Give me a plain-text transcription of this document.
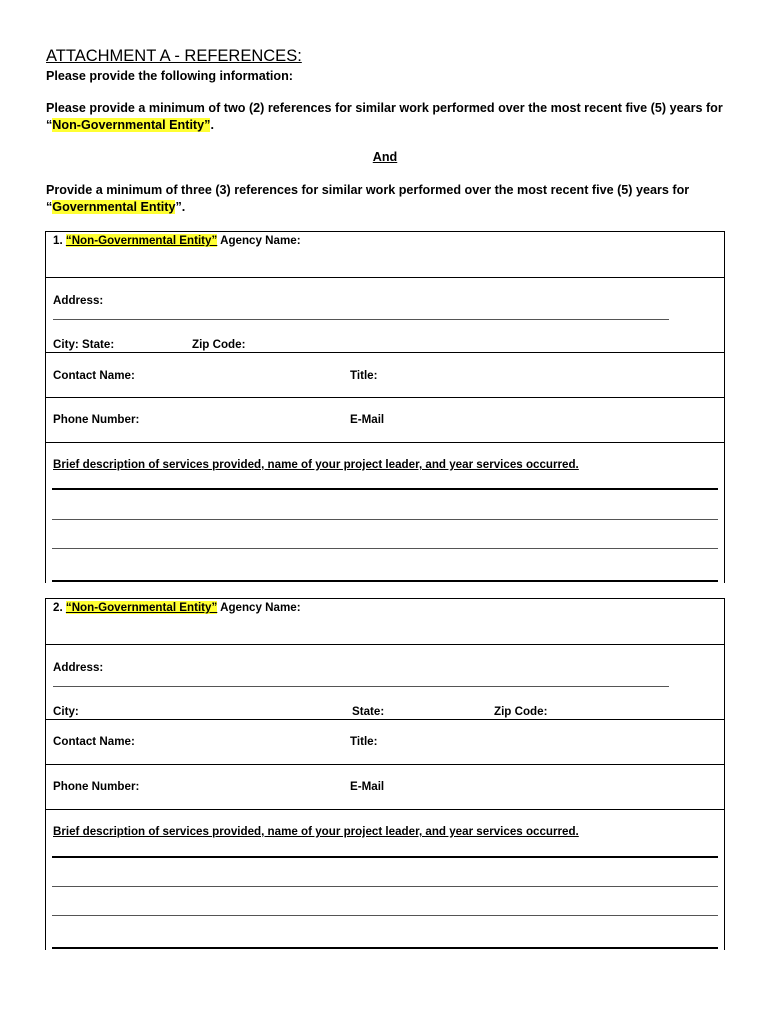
ATTACHMENT A - REFERENCES:
Please provide the following information:
Please provide a minimum of two (2) references for similar work performed over the most recent five (5) years for “Non-Governmental Entity”.
And
Provide a minimum of three (3) references for similar work performed over the most recent five (5) years for “Governmental Entity”.
1. “Non-Governmental Entity” Agency Name:
Address:
City: State:	Zip Code:
Contact Name:	Title:
Phone Number:	E-Mail
Brief description of services provided, name of your project leader, and year services occurred.
2. “Non-Governmental Entity” Agency Name:
Address:
City:	State:	Zip Code:
Contact Name:	Title:
Phone Number:	E-Mail
Brief description of services provided, name of your project leader, and year services occurred.
